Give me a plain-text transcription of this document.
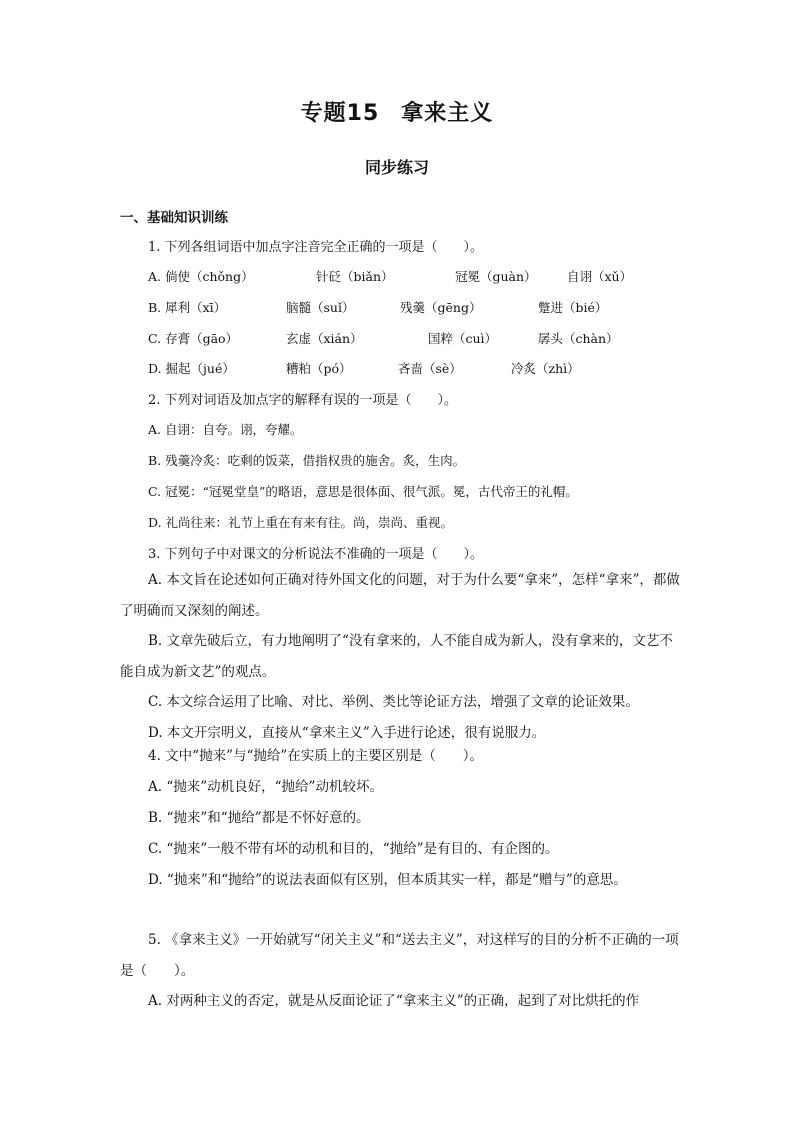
专题15 拿来主义
同步练习
一、基础知识训练
1. 下列各组词语中加点字注音完全正确的一项是（　　）。
A. 倘使（chǒng）	针砭（biǎn）	冠冕（guàn） 自诩（xǔ）
B. 犀利（xī）	脑髓（suǐ）	残羹（gēng）	蹩进（bié）
C. 存膏（gāo）	玄虚（xián）	国粹（cuì）	孱头（chàn）
D. 掘起（jué）	糟粕（pó）	吝啬（sè）	冷炙（zhì）
2. 下列对词语及加点字的解释有误的一项是（　　）。
A. 自诩：自夸。诩，夸耀。
B. 残羹冷炙：吃剩的饭菜，借指权贵的施舍。炙，生肉。
C. 冠冕：“冠冕堂皇”的略语，意思是很体面、很气派。冕，古代帝王的礼帽。
D. 礼尚往来：礼节上重在有来有往。尚，崇尚、重视。
3. 下列句子中对课文的分析说法不准确的一项是（　　）。
A. 本文旨在论述如何正确对待外国文化的问题，对于为什么要“拿来”，怎样“拿来”，都做了明确而又深刻的阐述。
B. 文章先破后立，有力地阐明了“没有拿来的，人不能自成为新人，没有拿来的，文艺不能自成为新文艺”的观点。
C. 本文综合运用了比喻、对比、举例、类比等论证方法，增强了文章的论证效果。
D. 本文开宗明义，直接从“拿来主义”入手进行论述，很有说服力。
4. 文中“抛来”与“抛给”在实质上的主要区别是（　　）。
A. “抛来”动机良好，“抛给”动机较坏。
B. “抛来”和“抛给”都是不怀好意的。
C. “抛来”一般不带有坏的动机和目的，“抛给”是有目的、有企图的。
D. “抛来”和“抛给”的说法表面似有区别，但本质其实一样，都是“赠与”的意思。
5. 《拿来主义》一开始就写“闭关主义”和“送去主义”，对这样写的目的分析不正确的一项是（　　）。
A. 对两种主义的否定，就是从反面论证了“拿来主义”的正确，起到了对比烘托的作
